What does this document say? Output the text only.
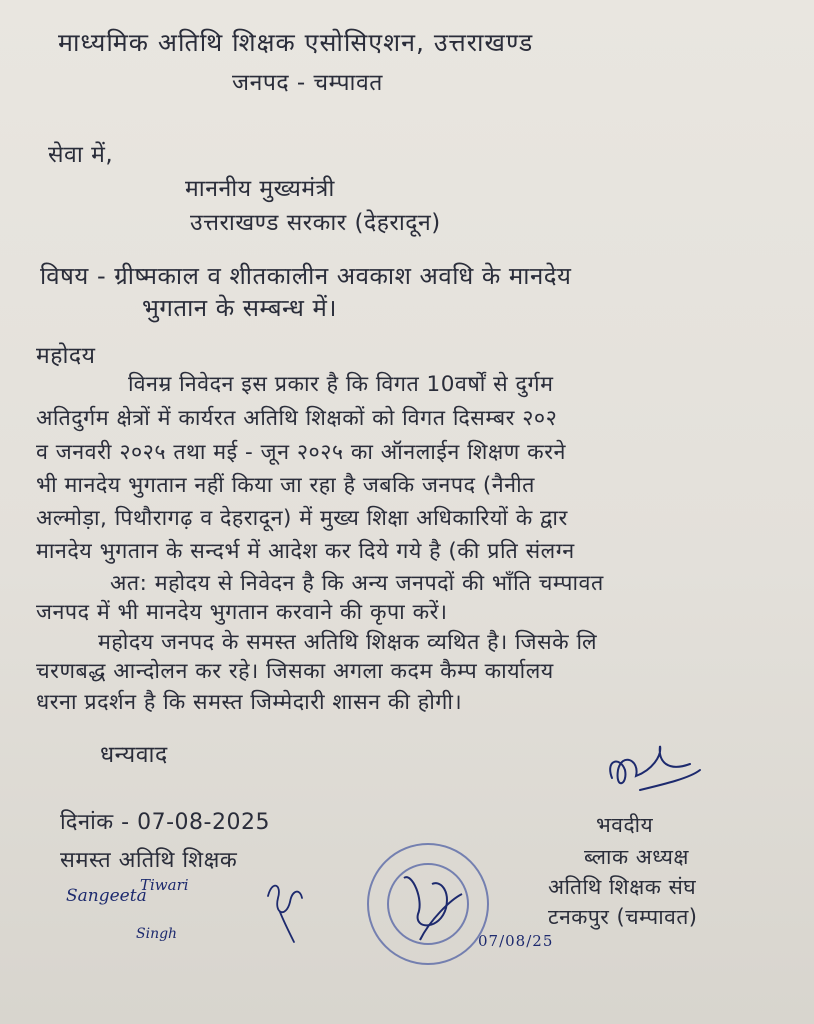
माध्यमिक अतिथि शिक्षक एसोसिएशन, उत्तराखण्ड
जनपद - चम्पावत
सेवा में,
माननीय मुख्यमंत्री
उत्तराखण्ड सरकार (देहरादून)
विषय - ग्रीष्मकाल व शीतकालीन अवकाश अवधि के मानदेय
भुगतान के सम्बन्ध में।
महोदय
विनम्र निवेदन इस प्रकार है कि विगत 10वर्षों से दुर्गम
अतिदुर्गम क्षेत्रों में कार्यरत अतिथि शिक्षकों को विगत दिसम्बर २०२
व जनवरी २०२५ तथा मई - जून २०२५ का ऑनलाईन शिक्षण करने
भी मानदेय भुगतान नहीं किया जा रहा है जबकि जनपद (नैनीत
अल्मोड़ा, पिथौरागढ़ व देहरादून) में मुख्य शिक्षा अधिकारियों के द्वार
मानदेय भुगतान के सन्दर्भ में आदेश कर दिये गये है (की प्रति संलग्न
अत: महोदय से निवेदन है कि अन्य जनपदों की भाँति चम्पावत
जनपद में भी मानदेय भुगतान करवाने की कृपा करें।
महोदय जनपद के समस्त अतिथि शिक्षक व्यथित है। जिसके लि
चरणबद्ध आन्दोलन कर रहे। जिसका अगला कदम कैम्प कार्यालय
धरना प्रदर्शन है कि समस्त जिम्मेदारी शासन की होगी।
धन्यवाद
दिनांक - 07-08-2025
समस्त अतिथि शिक्षक
भवदीय
ब्लाक अध्यक्ष
अतिथि शिक्षक संघ
टनकपुर (चम्पावत)
Sangeeta
Tiwari
Singh	07/08/25
